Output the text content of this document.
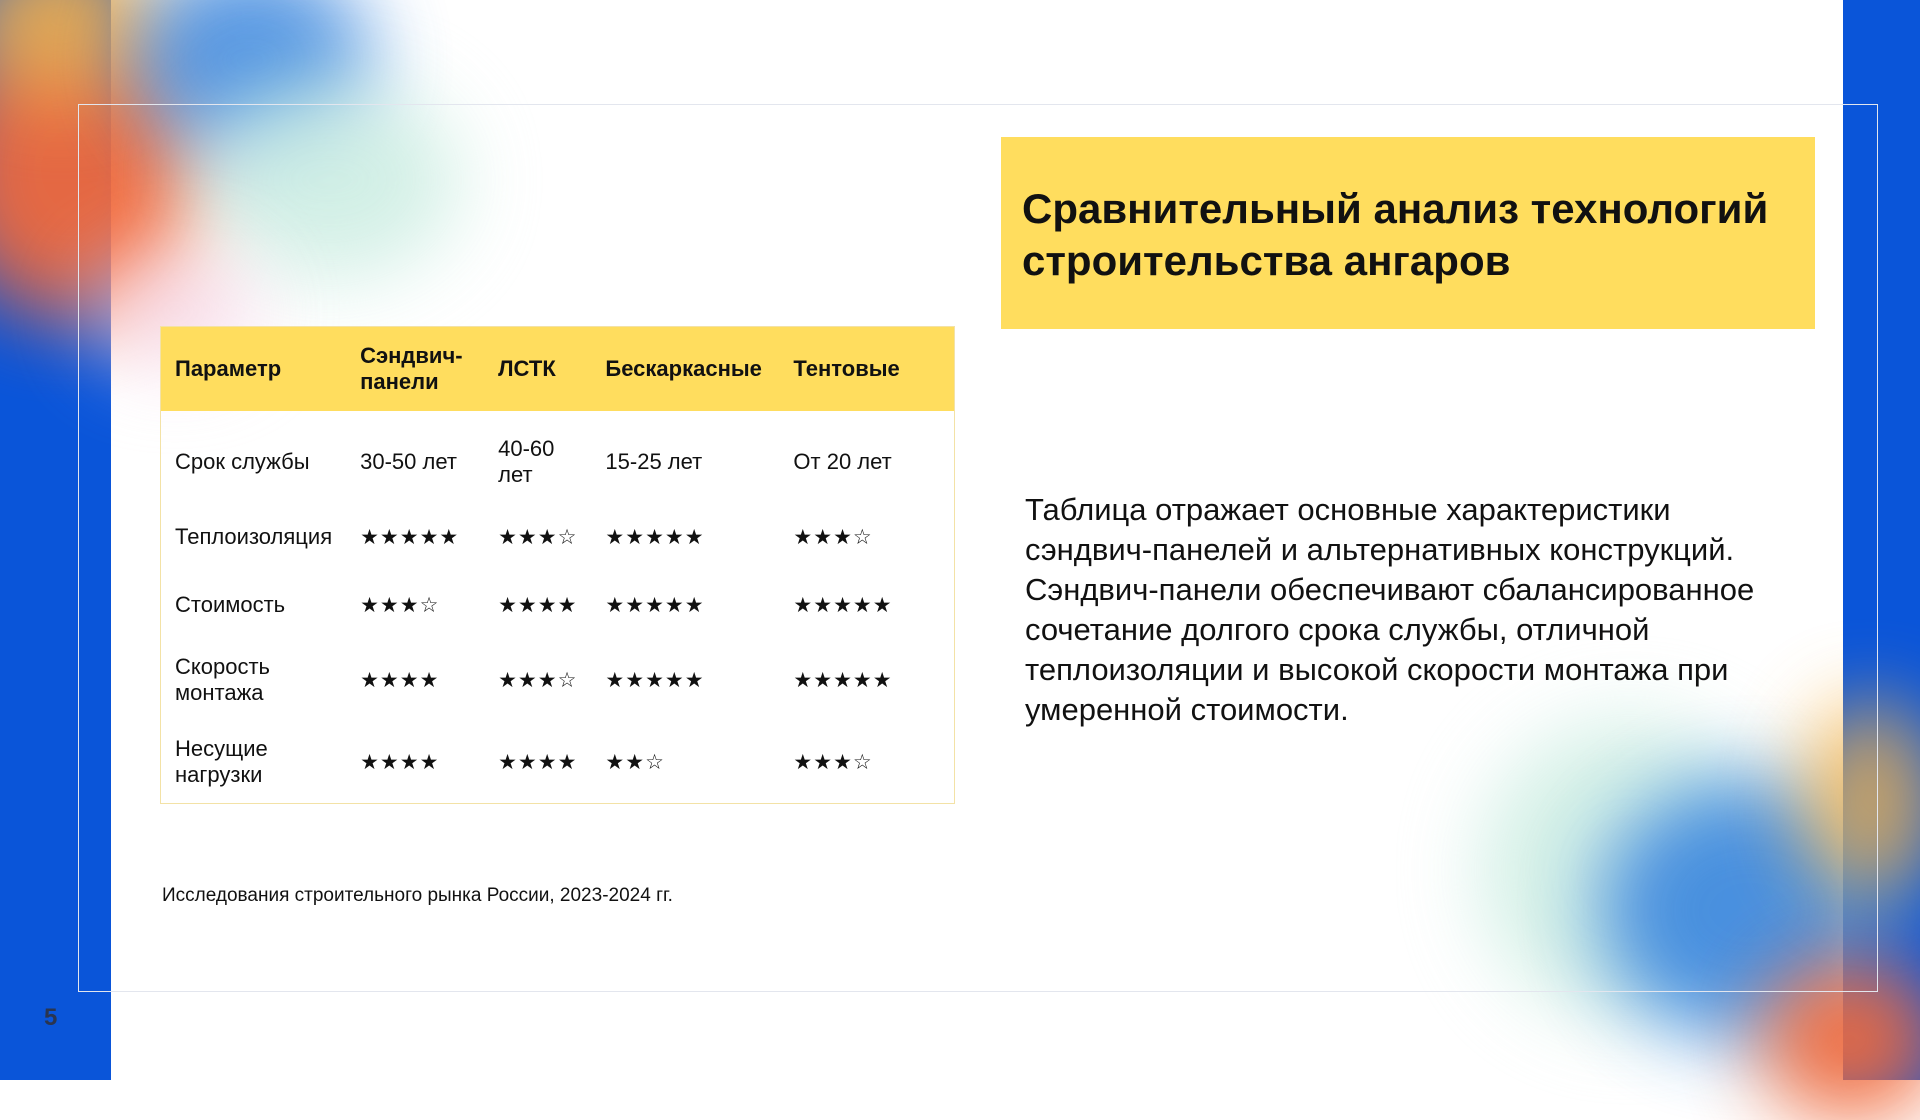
Сравнительный анализ технологий строительства ангаров
Параметр	Сэндвич-панели	ЛСТК	Бескаркасные	Тентовые
Срок службы	30-50 лет	40-60 лет	15-25 лет	От 20 лет
Теплоизоляция	★★★★★	★★★☆	★★★★★	★★★☆
Стоимость	★★★☆	★★★★	★★★★★	★★★★★
Скорость монтажа	★★★★	★★★☆	★★★★★	★★★★★
Несущие нагрузки	★★★★	★★★★	★★☆	★★★☆
Таблица отражает основные характеристики сэндвич-панелей и альтернативных конструкций. Сэндвич-панели обеспечивают сбалансированное сочетание долгого срока службы, отличной теплоизоляции и высокой скорости монтажа при умеренной стоимости.
Исследования строительного рынка России, 2023-2024 гг.
5
